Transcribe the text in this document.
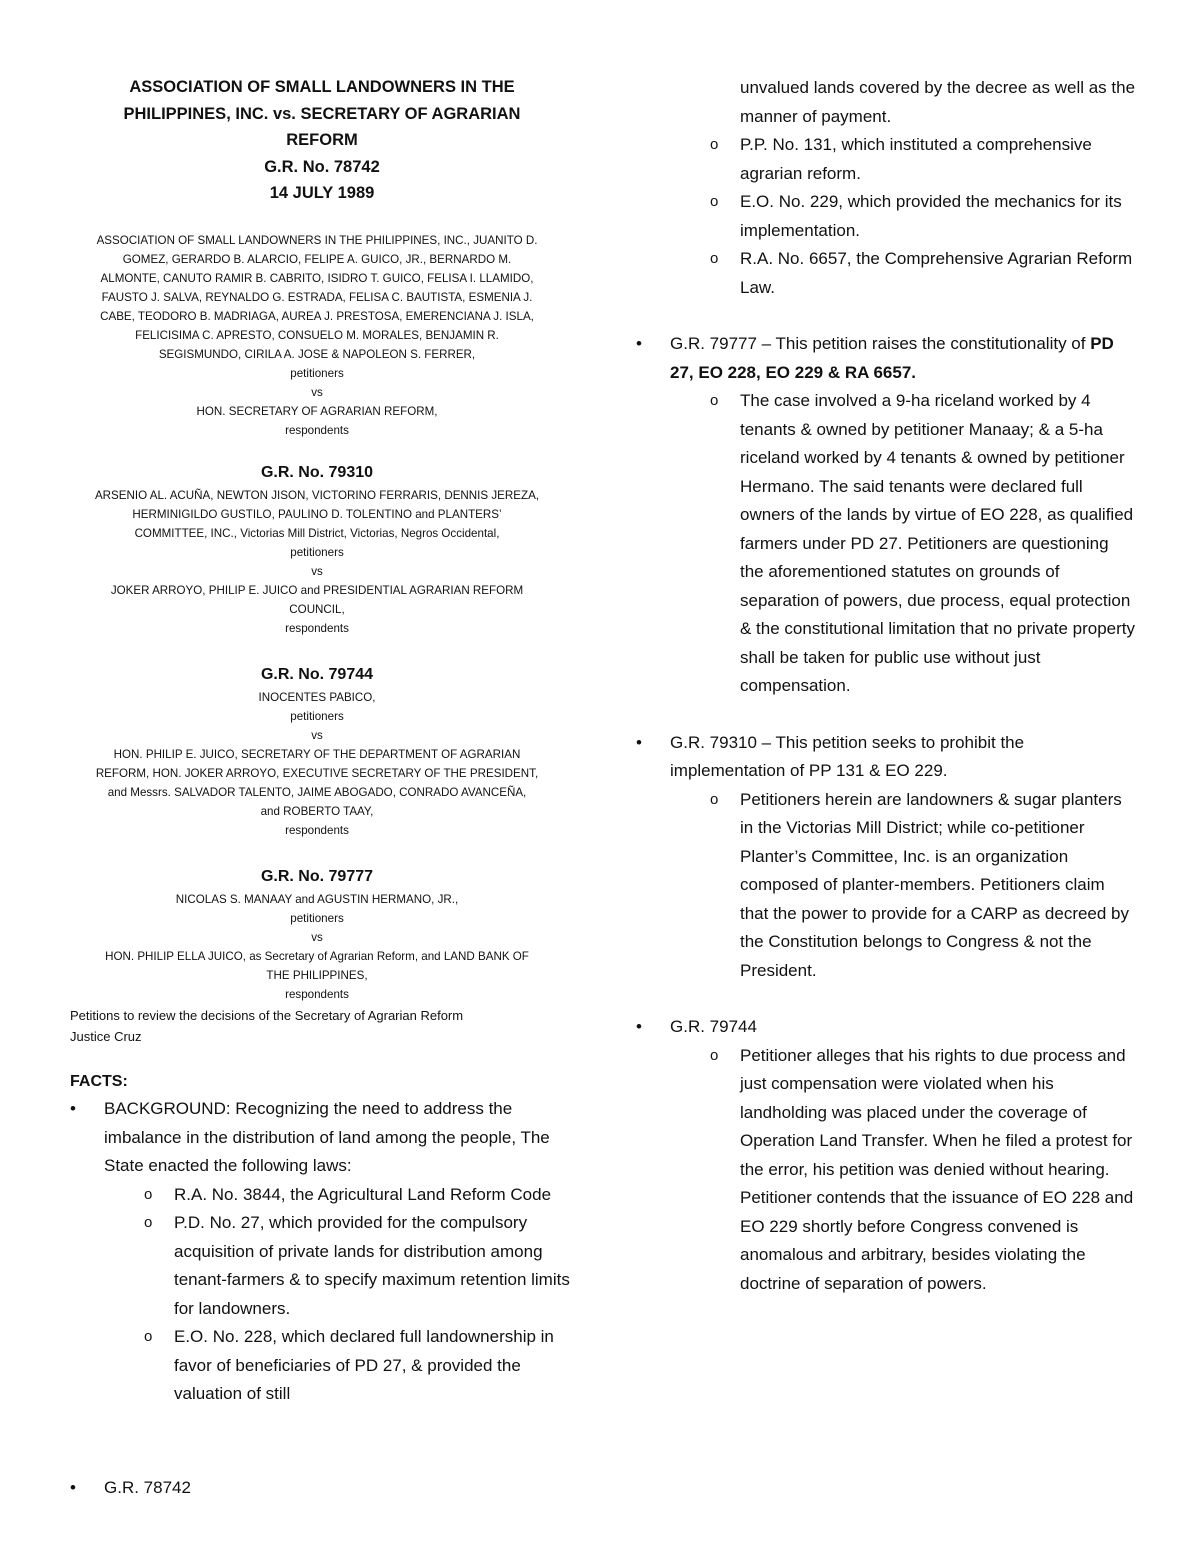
ASSOCIATION OF SMALL LANDOWNERS IN THE
PHILIPPINES, INC. vs. SECRETARY OF AGRARIAN
REFORM
G.R. No. 78742
14 JULY 1989
ASSOCIATION OF SMALL LANDOWNERS IN THE PHILIPPINES, INC., JUANITO D.
GOMEZ, GERARDO B. ALARCIO, FELIPE A. GUICO, JR., BERNARDO M.
ALMONTE, CANUTO RAMIR B. CABRITO, ISIDRO T. GUICO, FELISA I. LLAMIDO,
FAUSTO J. SALVA, REYNALDO G. ESTRADA, FELISA C. BAUTISTA, ESMENIA J.
CABE, TEODORO B. MADRIAGA, AUREA J. PRESTOSA, EMERENCIANA J. ISLA,
FELICISIMA C. APRESTO, CONSUELO M. MORALES, BENJAMIN R.
SEGISMUNDO, CIRILA A. JOSE & NAPOLEON S. FERRER,
petitioners
vs
HON. SECRETARY OF AGRARIAN REFORM,
respondents
G.R. No. 79310
ARSENIO AL. ACUÑA, NEWTON JISON, VICTORINO FERRARIS, DENNIS JEREZA,
HERMINIGILDO GUSTILO, PAULINO D. TOLENTINO and PLANTERS’
COMMITTEE, INC., Victorias Mill District, Victorias, Negros Occidental,
petitioners
vs
JOKER ARROYO, PHILIP E. JUICO and PRESIDENTIAL AGRARIAN REFORM
COUNCIL,
respondents
G.R. No. 79744
INOCENTES PABICO,
petitioners
vs
HON. PHILIP E. JUICO, SECRETARY OF THE DEPARTMENT OF AGRARIAN
REFORM, HON. JOKER ARROYO, EXECUTIVE SECRETARY OF THE PRESIDENT,
and Messrs. SALVADOR TALENTO, JAIME ABOGADO, CONRADO AVANCEÑA,
and ROBERTO TAAY,
respondents
G.R. No. 79777
NICOLAS S. MANAAY and AGUSTIN HERMANO, JR.,
petitioners
vs
HON. PHILIP ELLA JUICO, as Secretary of Agrarian Reform, and LAND BANK OF
THE PHILIPPINES,
respondents
Petitions to review the decisions of the Secretary of Agrarian Reform
Justice Cruz
FACTS:
• BACKGROUND: Recognizing the need to address the imbalance in the distribution of land among the people, The State enacted the following laws:
o R.A. No. 3844, the Agricultural Land Reform Code
o P.D. No. 27, which provided for the compulsory acquisition of private lands for distribution among tenant-farmers & to specify maximum retention limits for landowners.
o E.O. No. 228, which declared full landownership in favor of beneficiaries of PD 27, & provided the valuation of still
• G.R. 78742
unvalued lands covered by the decree as well as the manner of payment.
o P.P. No. 131, which instituted a comprehensive agrarian reform.
o E.O. No. 229, which provided the mechanics for its implementation.
o R.A. No. 6657, the Comprehensive Agrarian Reform Law.
• G.R. 79777 – This petition raises the constitutionality of PD 27, EO 228, EO 229 & RA 6657.
o The case involved a 9-ha riceland worked by 4 tenants & owned by petitioner Manaay; & a 5-ha riceland worked by 4 tenants & owned by petitioner Hermano. The said tenants were declared full owners of the lands by virtue of EO 228, as qualified farmers under PD 27. Petitioners are questioning the aforementioned statutes on grounds of separation of powers, due process, equal protection & the constitutional limitation that no private property shall be taken for public use without just compensation.
• G.R. 79310 – This petition seeks to prohibit the implementation of PP 131 & EO 229.
o Petitioners herein are landowners & sugar planters in the Victorias Mill District; while co-petitioner Planter’s Committee, Inc. is an organization composed of planter-members. Petitioners claim that the power to provide for a CARP as decreed by the Constitution belongs to Congress & not the President.
• G.R. 79744
o Petitioner alleges that his rights to due process and just compensation were violated when his landholding was placed under the coverage of Operation Land Transfer. When he filed a protest for the error, his petition was denied without hearing. Petitioner contends that the issuance of EO 228 and EO 229 shortly before Congress convened is anomalous and arbitrary, besides violating the doctrine of separation of powers.
